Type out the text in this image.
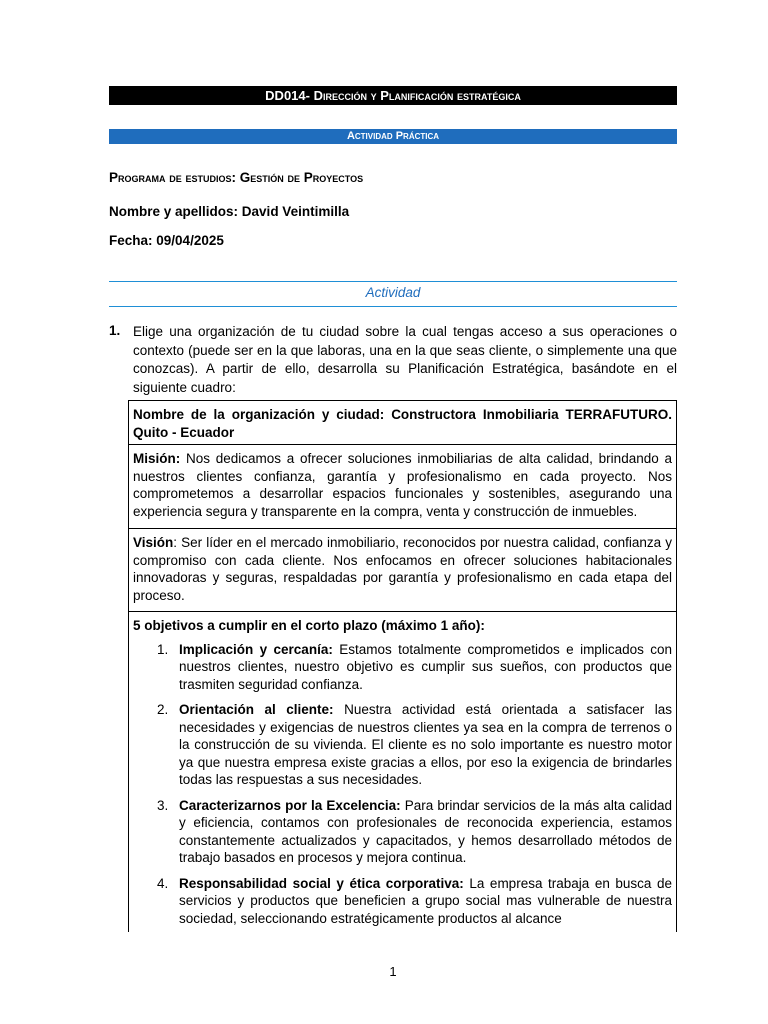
DD014- Dirección y Planificación estratégica
Actividad Práctica
Programa de estudios: Gestión de Proyectos
Nombre y apellidos: David Veintimilla
Fecha: 09/04/2025
Actividad
1. Elige una organización de tu ciudad sobre la cual tengas acceso a sus operaciones o contexto (puede ser en la que laboras, una en la que seas cliente, o simplemente una que conozcas). A partir de ello, desarrolla su Planificación Estratégica, basándote en el siguiente cuadro:
Nombre de la organización y ciudad: Constructora Inmobiliaria TERRAFUTURO. Quito - Ecuador
Misión: Nos dedicamos a ofrecer soluciones inmobiliarias de alta calidad, brindando a nuestros clientes confianza, garantía y profesionalismo en cada proyecto. Nos comprometemos a desarrollar espacios funcionales y sostenibles, asegurando una experiencia segura y transparente en la compra, venta y construcción de inmuebles.
Visión: Ser líder en el mercado inmobiliario, reconocidos por nuestra calidad, confianza y compromiso con cada cliente. Nos enfocamos en ofrecer soluciones habitacionales innovadoras y seguras, respaldadas por garantía y profesionalismo en cada etapa del proceso.
5 objetivos a cumplir en el corto plazo (máximo 1 año):
1. Implicación y cercanía: Estamos totalmente comprometidos e implicados con nuestros clientes, nuestro objetivo es cumplir sus sueños, con productos que trasmiten seguridad confianza.
2. Orientación al cliente: Nuestra actividad está orientada a satisfacer las necesidades y exigencias de nuestros clientes ya sea en la compra de terrenos o la construcción de su vivienda. El cliente es no solo importante es nuestro motor ya que nuestra empresa existe gracias a ellos, por eso la exigencia de brindarles todas las respuestas a sus necesidades.
3. Caracterizarnos por la Excelencia: Para brindar servicios de la más alta calidad y eficiencia, contamos con profesionales de reconocida experiencia, estamos constantemente actualizados y capacitados, y hemos desarrollado métodos de trabajo basados en procesos y mejora continua.
4. Responsabilidad social y ética corporativa: La empresa trabaja en busca de servicios y productos que beneficien a grupo social mas vulnerable de nuestra sociedad, seleccionando estratégicamente productos al alcance
1
